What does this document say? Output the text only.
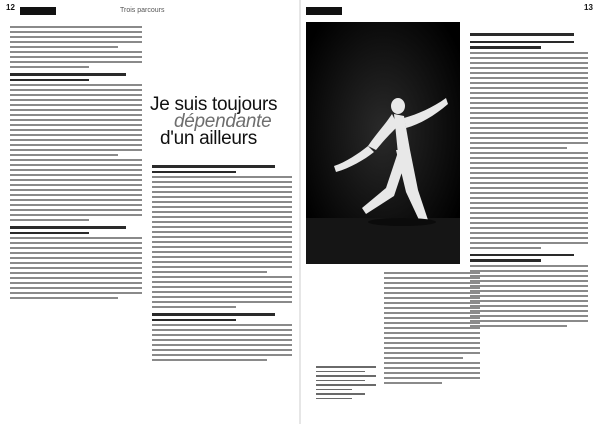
12	Trois parcours
Je suis toujours
dépendante
d'un ailleurs
13
